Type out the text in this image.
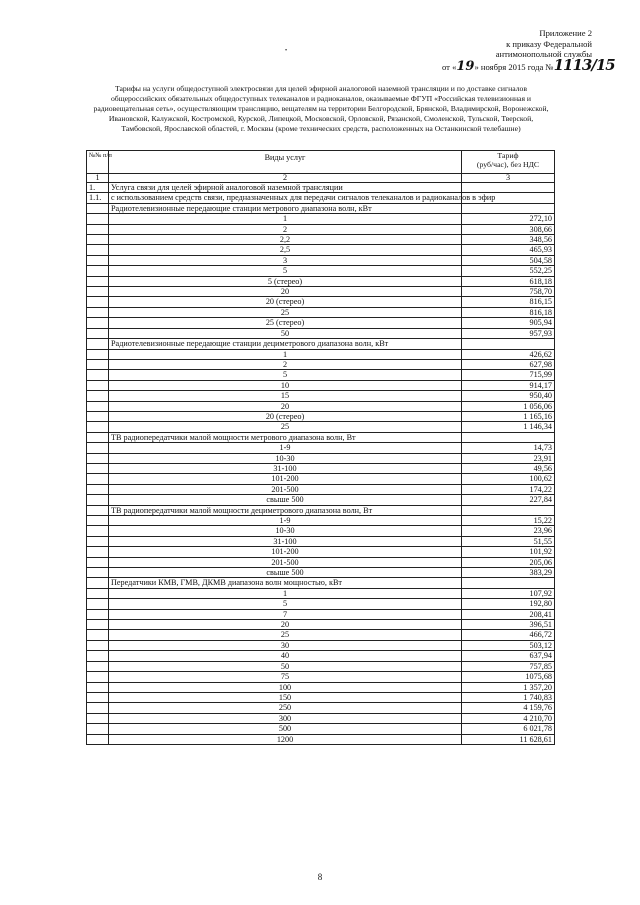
Приложение 2
к приказу Федеральной
антимонопольной службы
от «19» ноября 2015 года №1113/15
•
Тарифы на услуги общедоступной электросвязи для целей эфирной аналоговой наземной трансляции и по доставке сигналов общероссийских обязательных общедоступных телеканалов и радиоканалов, оказываемые ФГУП «Российская телевизионная и радиовещательная сеть», осуществляющим трансляцию, вещателям на территории Белгородской, Брянской, Владимирской, Воронежской, Ивановской, Калужской, Костромской, Курской, Липецкой, Московской, Орловской, Рязанской, Смоленской, Тульской, Тверской, Тамбовской, Ярославской областей, г. Москвы (кроме технических средств, расположенных на Останкинской телебашне)
№№ п/п	Виды услуг	Тариф
(руб/час), без НДС

1	2	3
1.	Услуга связи для целей эфирной аналоговой наземной трансляции	
1.1.	с использованием средств связи, предназначенных для передачи сигналов телеканалов и радиоканалов в эфир	
	Радиотелевизионные передающие станции метрового диапазона волн, кВт	
	1	272,10
	2	308,66
	2,2	348,56
	2,5	465,93
	3	504,58
	5	552,25
	5 (стерео)	618,18
	20	758,70
	20 (стерео)	816,15
	25	816,18
	25 (стерео)	905,94
	50	957,93
	Радиотелевизионные передающие станции дециметрового диапазона волн, кВт	
	1	426,62
	2	627,98
	5	715,99
	10	914,17
	15	950,40
	20	1 056,06
	20 (стерео)	1 165,16
	25	1 146,34
	ТВ радиопередатчики малой мощности метрового диапазона волн, Вт	
	1-9	14,73
	10-30	23,91
	31-100	49,56
	101-200	100,62
	201-500	174,22
	свыше 500	227,84
	ТВ радиопередатчики малой мощности дециметрового диапазона волн, Вт	
	1-9	15,22
	10-30	23,96
	31-100	51,55
	101-200	101,92
	201-500	205,06
	свыше 500	383,29
	Передатчики КМВ, ГМВ, ДКМВ диапазона волн мощностью, кВт	
	1	107,92
	5	192,80
	7	208,41
	20	396,51
	25	466,72
	30	503,12
	40	637,94
	50	757,85
	75	1075,68
	100	1 357,20
	150	1 740,83
	250	4 159,76
	300	4 210,70
	500	6 021,78
	1200	11 628,61
8
